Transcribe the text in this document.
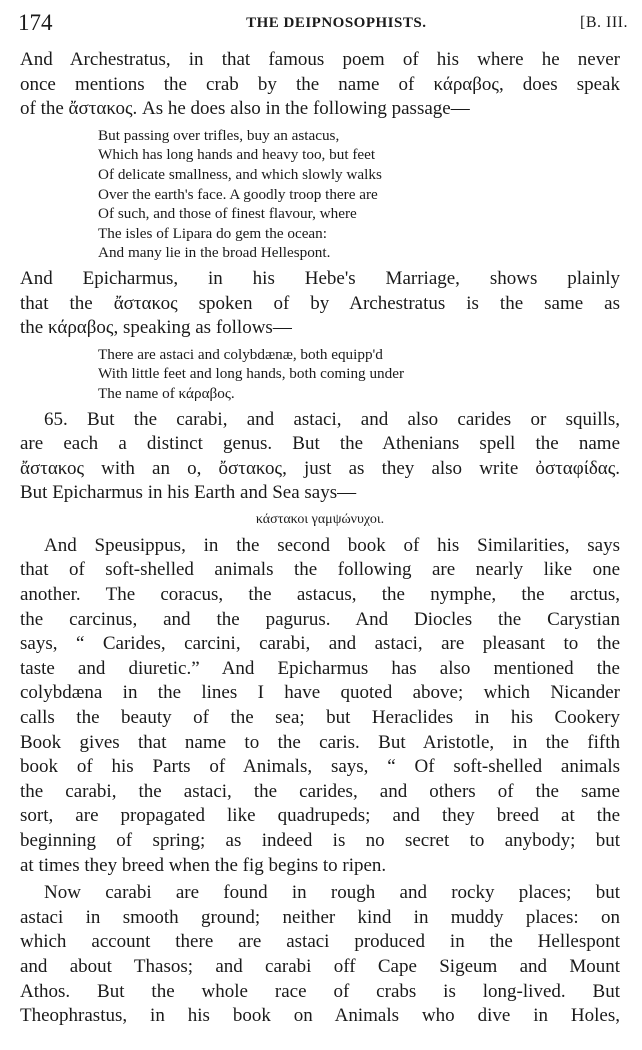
174	THE DEIPNOSOPHISTS.	[B. III.
And Archestratus, in that famous poem of his where he never
once mentions the crab by the name of κάραβος, does speak
of the ἄστακος. As he does also in the following passage—
But passing over trifles, buy an astacus,
Which has long hands and heavy too, but feet
Of delicate smallness, and which slowly walks
Over the earth's face. A goodly troop there are
Of such, and those of finest flavour, where
The isles of Lipara do gem the ocean:
And many lie in the broad Hellespont.
And Epicharmus, in his Hebe's Marriage, shows plainly
that the ἄστακος spoken of by Archestratus is the same as
the κάραβος, speaking as follows—
There are astaci and colybdænæ, both equipp'd
With little feet and long hands, both coming under
The name of κάραβος.
65. But the carabi, and astaci, and also carides or squills,
are each a distinct genus. But the Athenians spell the name
ἄστακος with an ο, ὄστακος, just as they also write ὀσταφίδας.
But Epicharmus in his Earth and Sea says—
κάστακοι γαμψώνυχοι.
And Speusippus, in the second book of his Similarities, says
that of soft-shelled animals the following are nearly like one
another. The coracus, the astacus, the nymphe, the arctus,
the carcinus, and the pagurus. And Diocles the Carystian
says, “ Carides, carcini, carabi, and astaci, are pleasant to the
taste and diuretic.” And Epicharmus has also mentioned the
colybdæna in the lines I have quoted above; which Nicander
calls the beauty of the sea; but Heraclides in his Cookery
Book gives that name to the caris. But Aristotle, in the fifth
book of his Parts of Animals, says, “ Of soft-shelled animals
the carabi, the astaci, the carides, and others of the same
sort, are propagated like quadrupeds; and they breed at the
beginning of spring; as indeed is no secret to anybody; but
at times they breed when the fig begins to ripen.
Now carabi are found in rough and rocky places; but
astaci in smooth ground; neither kind in muddy places: on
which account there are astaci produced in the Hellespont
and about Thasos; and carabi off Cape Sigeum and Mount
Athos. But the whole race of crabs is long-lived. But
Theophrastus, in his book on Animals who dive in Holes,
